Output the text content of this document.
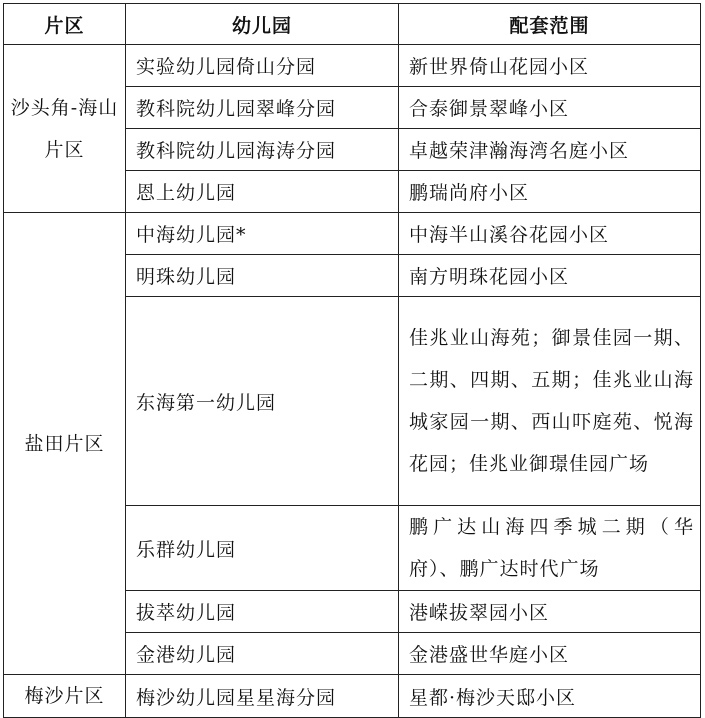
片区	幼儿园	配套范围
沙头角-海山片区	实验幼儿园倚山分园	新世界倚山花园小区
	教科院幼儿园翠峰分园	合泰御景翠峰小区
	教科院幼儿园海涛分园	卓越荣津瀚海湾名庭小区
	恩上幼儿园	鹏瑞尚府小区
盐田片区	中海幼儿园*	中海半山溪谷花园小区
	明珠幼儿园	南方明珠花园小区
	东海第一幼儿园	佳兆业山海苑；御景佳园一期、二期、四期、五期；佳兆业山海城家园一期、西山吓庭苑、悦海花园；佳兆业御璟佳园广场
	乐群幼儿园	鹏广达山海四季城二期（华府）、鹏广达时代广场
	拔萃幼儿园	港嵘拔翠园小区
	金港幼儿园	金港盛世华庭小区
梅沙片区	梅沙幼儿园星星海分园	星都·梅沙天邸小区
